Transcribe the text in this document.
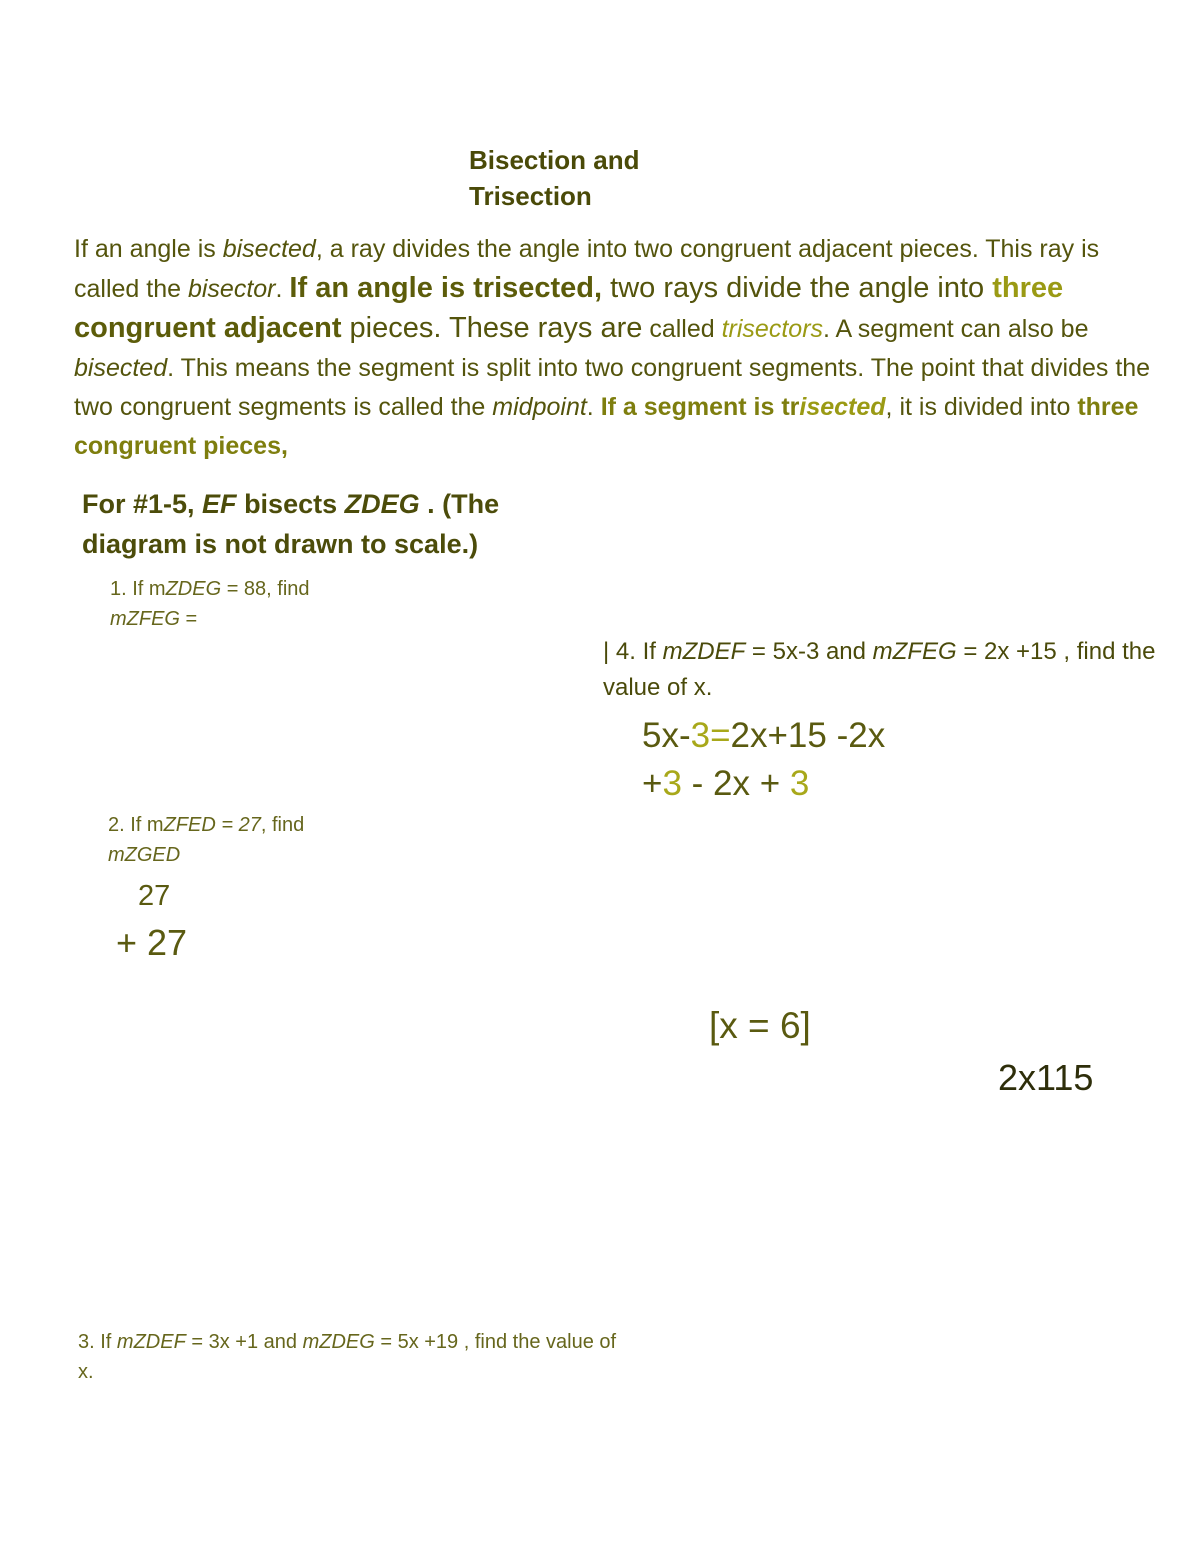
Bisection and
Trisection
If an angle is bisected, a ray divides the angle into two congruent adjacent pieces. This ray is called the bisector. If an angle is trisected, two rays divide the angle into three congruent adjacent pieces. These rays are called trisectors. A segment can also be bisected. This means the segment is split into two congruent segments. The point that divides the two congruent segments is called the midpoint. If a segment is trisected, it is divided into three congruent pieces,
For #1-5, EF bisects ZDEG . (The diagram is not drawn to scale.)
1. If mZDEG = 88, find
mZFEG =
| 4. If mZDEF = 5x-3 and mZFEG = 2x +15 , find the value of x.
5x-3=2x+15 -2x
+3 - 2x + 3
2. If mZFED = 27, find
mZGED
27
+ 27
[x = 6]
2x115
3. If mZDEF = 3x +1 and mZDEG = 5x +19 , find the value of x.
